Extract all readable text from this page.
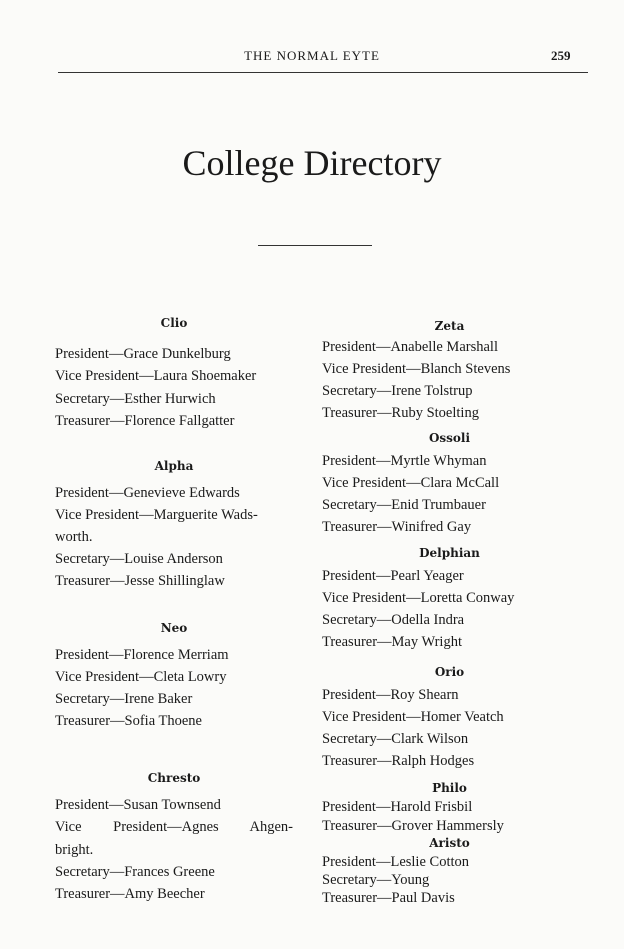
THE NORMAL EYTE	259
College Directory
Clio
President—Grace Dunkelburg
Vice President—Laura Shoemaker
Secretary—Esther Hurwich
Treasurer—Florence Fallgatter
Alpha
President—Genevieve Edwards
Vice President—Marguerite Wads-
worth.
Secretary—Louise Anderson
Treasurer—Jesse Shillinglaw
Neo
President—Florence Merriam
Vice President—Cleta Lowry
Secretary—Irene Baker
Treasurer—Sofia Thoene
Chresto
President—Susan Townsend
Vice President—Agnes Ahgen-
bright.
Secretary—Frances Greene
Treasurer—Amy Beecher
Zeta
President—Anabelle Marshall
Vice President—Blanch Stevens
Secretary—Irene Tolstrup
Treasurer—Ruby Stoelting
Ossoli
President—Myrtle Whyman
Vice President—Clara McCall
Secretary—Enid Trumbauer
Treasurer—Winifred Gay
Delphian
President—Pearl Yeager
Vice President—Loretta Conway
Secretary—Odella Indra
Treasurer—May Wright
Orio
President—Roy Shearn
Vice President—Homer Veatch
Secretary—Clark Wilson
Treasurer—Ralph Hodges
Philo
President—Harold Frisbil
Treasurer—Grover Hammersly
Aristo
President—Leslie Cotton
Secretary—Young
Treasurer—Paul Davis
